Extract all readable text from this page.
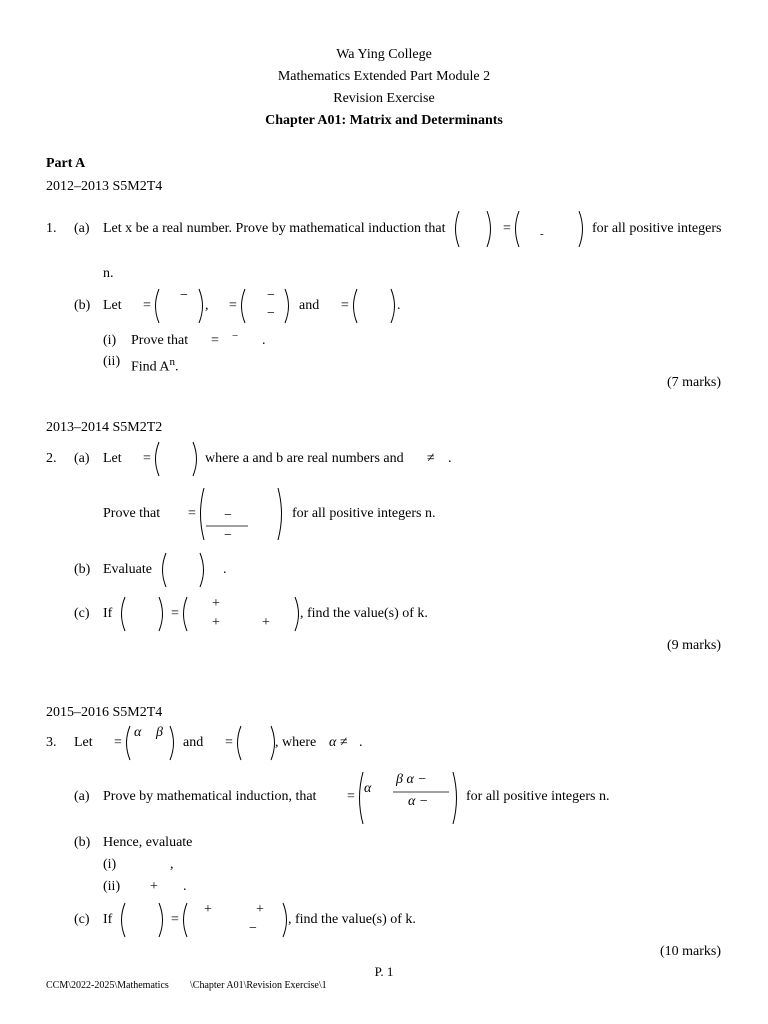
Wa Ying College
Mathematics Extended Part Module 2
Revision Exercise
Chapter A01: Matrix and Determinants
Part A
2012–2013 S5M2T4
1. (a) Let x be a real number. Prove by mathematical induction that	=	-	for all positive integers
n.
(b) Let =
−
, =
−
−
and =	.
(i) Prove that = − .
(ii) Find $A^n$.
(7 marks)
2013–2014 S5M2T2
2. (a) Let =	where a and b are real numbers and ≠ .
Prove that = −
−
for all positive integers n.
(b) Evaluate	.
(c) If	=
+
+	+
, find the value(s) of k.
(9 marks)
2015–2016 S5M2T4
3. Let =
α β
and =	, where α ≠ .
(a) Prove by mathematical induction, that =
α
β α −
α −	for all positive integers n.
(b) Hence, evaluate
(i)	,
(ii) + .
(c) If	=
+	+
−
, find the value(s) of k.
(10 marks)
P. 1
CCM\2022-2025\Mathematics \Chapter A01\Revision Exercise\1
